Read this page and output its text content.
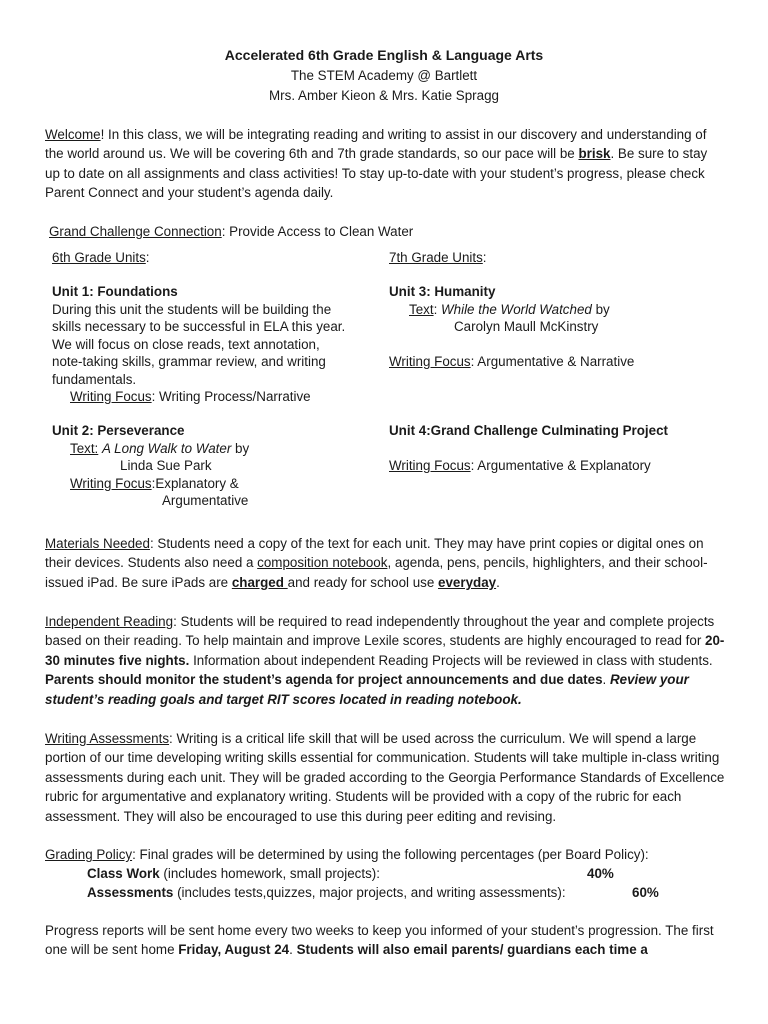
Accelerated 6th Grade English & Language Arts
The STEM Academy @ Bartlett
Mrs. Amber Kieon & Mrs. Katie Spragg

Welcome! In this class, we will be integrating reading and writing to assist in our discovery and understanding of the world around us. We will be covering 6th and 7th grade standards, so our pace will be brisk. Be sure to stay up to date on all assignments and class activities! To stay up-to-date with your student’s progress, please check Parent Connect and your student’s agenda daily.

Grand Challenge Connection: Provide Access to Clean Water
6th Grade Units:	7th Grade Units:
Unit 1: Foundations
During this unit the students will be building the
skills necessary to be successful in ELA this year.
We will focus on close reads, text annotation,
note-taking skills, grammar review, and writing
fundamentals.
Writing Focus: Writing Process/Narrative
Unit 2: Perseverance
Text: A Long Walk to Water by
Linda Sue Park
Writing Focus:Explanatory &
Argumentative
Unit 3: Humanity
Text: While the World Watched by
Carolyn Maull McKinstry
Writing Focus: Argumentative & Narrative
Unit 4:Grand Challenge Culminating Project
Writing Focus: Argumentative & Explanatory

Materials Needed: Students need a copy of the text for each unit. They may have print copies or digital ones on their devices. Students also need a composition notebook, agenda, pens, pencils, highlighters, and their school-issued iPad. Be sure iPads are charged and ready for school use everyday.

Independent Reading: Students will be required to read independently throughout the year and complete projects based on their reading. To help maintain and improve Lexile scores, students are highly encouraged to read for 20-30 minutes five nights. Information about independent Reading Projects will be reviewed in class with students. Parents should monitor the student’s agenda for project announcements and due dates. Review your student’s reading goals and target RIT scores located in reading notebook.

Writing Assessments: Writing is a critical life skill that will be used across the curriculum. We will spend a large portion of our time developing writing skills essential for communication. Students will take multiple in-class writing assessments during each unit. They will be graded according to the Georgia Performance Standards of Excellence rubric for argumentative and explanatory writing. Students will be provided with a copy of the rubric for each assessment. They will also be encouraged to use this during peer editing and revising.

Grading Policy: Final grades will be determined by using the following percentages (per Board Policy):
Class Work (includes homework, small projects):	40%
Assessments (includes tests,quizzes, major projects, and writing assessments):	60%

Progress reports will be sent home every two weeks to keep you informed of your student’s progression. The first one will be sent home Friday, August 24. Students will also email parents/ guardians each time a
